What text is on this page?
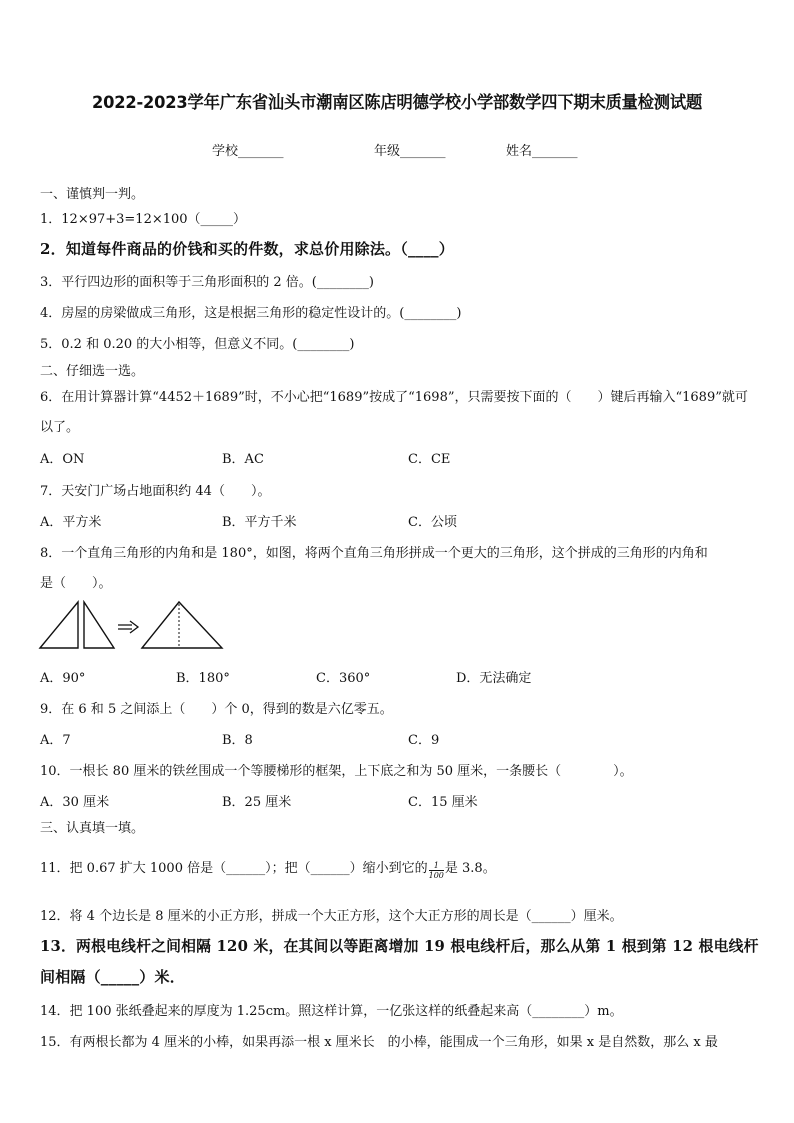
2022-2023学年广东省汕头市潮南区陈店明德学校小学部数学四下期末质量检测试题
学校_______	年级_______	姓名_______
一、谨慎判一判。
1．12×97+3=12×100（_____）
2．知道每件商品的价钱和买的件数，求总价用除法。（____）
3．平行四边形的面积等于三角形面积的 2 倍。(________)
4．房屋的房梁做成三角形，这是根据三角形的稳定性设计的。(________)
5．0.2 和 0.20 的大小相等，但意义不同。(________)
二、仔细选一选。
6．在用计算器计算“4452＋1689”时，不小心把“1689”按成了“1698”，只需要按下面的（　　）键后再输入“1689”就可
以了。
A．ON	B．AC	C．CE
7．天安门广场占地面积约 44（　　）。
A．平方米	B．平方千米	C．公顷
8．一个直角三角形的内角和是 180°，如图，将两个直角三角形拼成一个更大的三角形，这个拼成的三角形的内角和
是（　　）。
A．90°	B．180°	C．360°	D．无法确定
9．在 6 和 5 之间添上（　　）个 0，得到的数是六亿零五。
A．7	B．8	C．9
10．一根长 80 厘米的铁丝围成一个等腰梯形的框架，上下底之和为 50 厘米，一条腰长（　　　　）。
A．30 厘米	B．25 厘米	C．15 厘米
三、认真填一填。
11．把 0.67 扩大 1000 倍是（______）；把（______）缩小到它的 $\frac{1}{100}$ 是 3.8。
12．将 4 个边长是 8 厘米的小正方形，拼成一个大正方形，这个大正方形的周长是（______）厘米。
13．两根电线杆之间相隔 120 米，在其间以等距离增加 19 根电线杆后，那么从第 1 根到第 12 根电线杆
间相隔（_____）米．
14．把 100 张纸叠起来的厚度为 1.25cm。照这样计算，一亿张这样的纸叠起来高（________）m。
15．有两根长都为 4 厘米的小棒，如果再添一根 x 厘米长　的小棒，能围成一个三角形，如果 x 是自然数，那么 x 最
